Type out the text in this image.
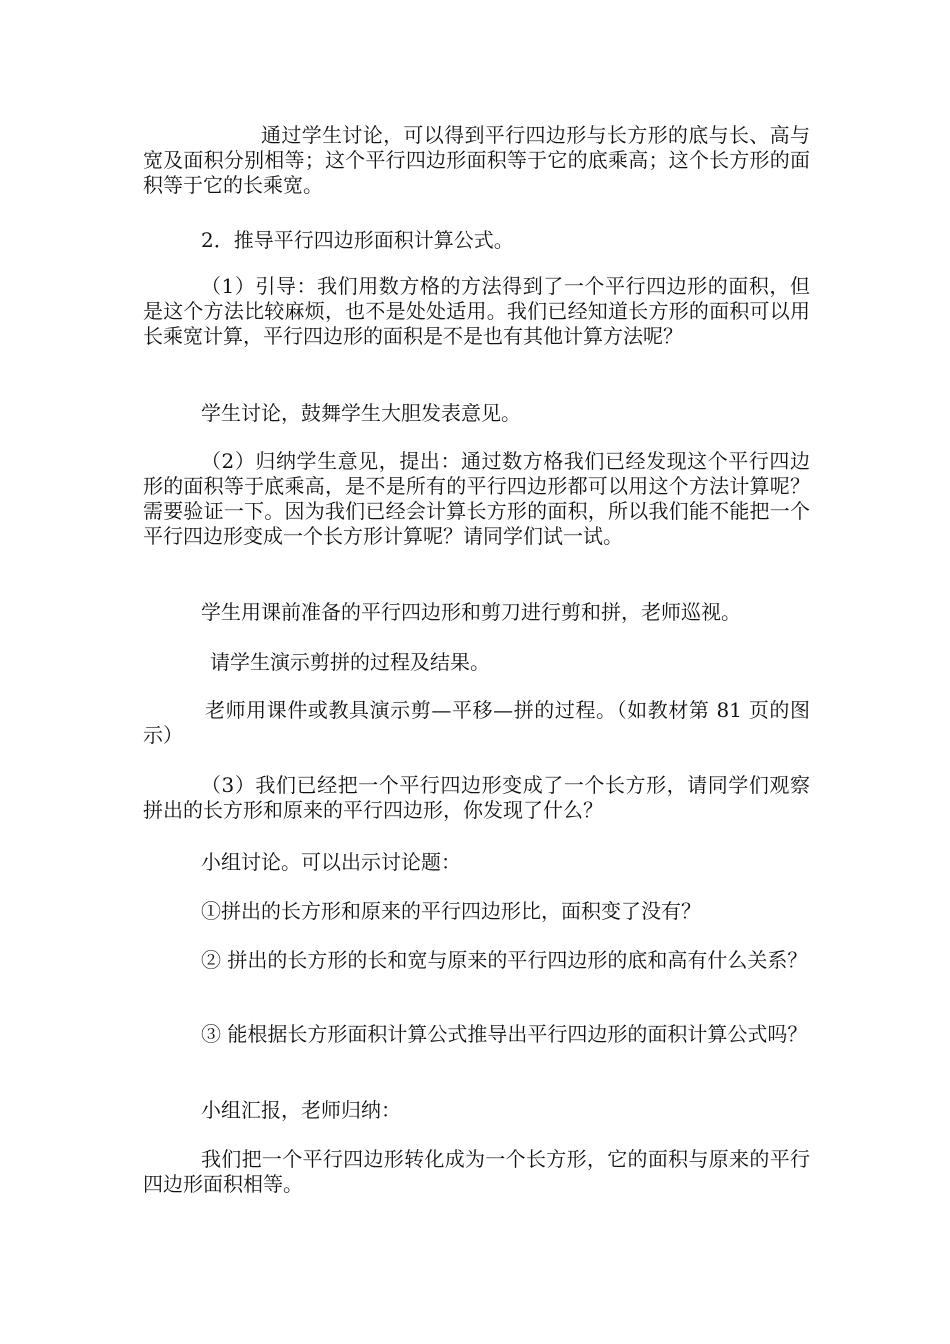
通过学生讨论，可以得到平行四边形与长方形的底与长、高与宽及面积分别相等；这个平行四边形面积等于它的底乘高；这个长方形的面积等于它的长乘宽。

2．推导平行四边形面积计算公式。

（1）引导：我们用数方格的方法得到了一个平行四边形的面积，但是这个方法比较麻烦，也不是处处适用。我们已经知道长方形的面积可以用长乘宽计算，平行四边形的面积是不是也有其他计算方法呢？

学生讨论，鼓舞学生大胆发表意见。

（2）归纳学生意见，提出：通过数方格我们已经发现这个平行四边形的面积等于底乘高，是不是所有的平行四边形都可以用这个方法计算呢？需要验证一下。因为我们已经会计算长方形的面积，所以我们能不能把一个平行四边形变成一个长方形计算呢？请同学们试一试。

学生用课前准备的平行四边形和剪刀进行剪和拼，老师巡视。

请学生演示剪拼的过程及结果。

老师用课件或教具演示剪—平移—拼的过程。（如教材第 81 页的图示）

（3）我们已经把一个平行四边形变成了一个长方形，请同学们观察拼出的长方形和原来的平行四边形，你发现了什么？

小组讨论。可以出示讨论题：

①拼出的长方形和原来的平行四边形比，面积变了没有？

② 拼出的长方形的长和宽与原来的平行四边形的底和高有什么关系？

③ 能根据长方形面积计算公式推导出平行四边形的面积计算公式吗？

小组汇报，老师归纳：

我们把一个平行四边形转化成为一个长方形，它的面积与原来的平行四边形面积相等。
